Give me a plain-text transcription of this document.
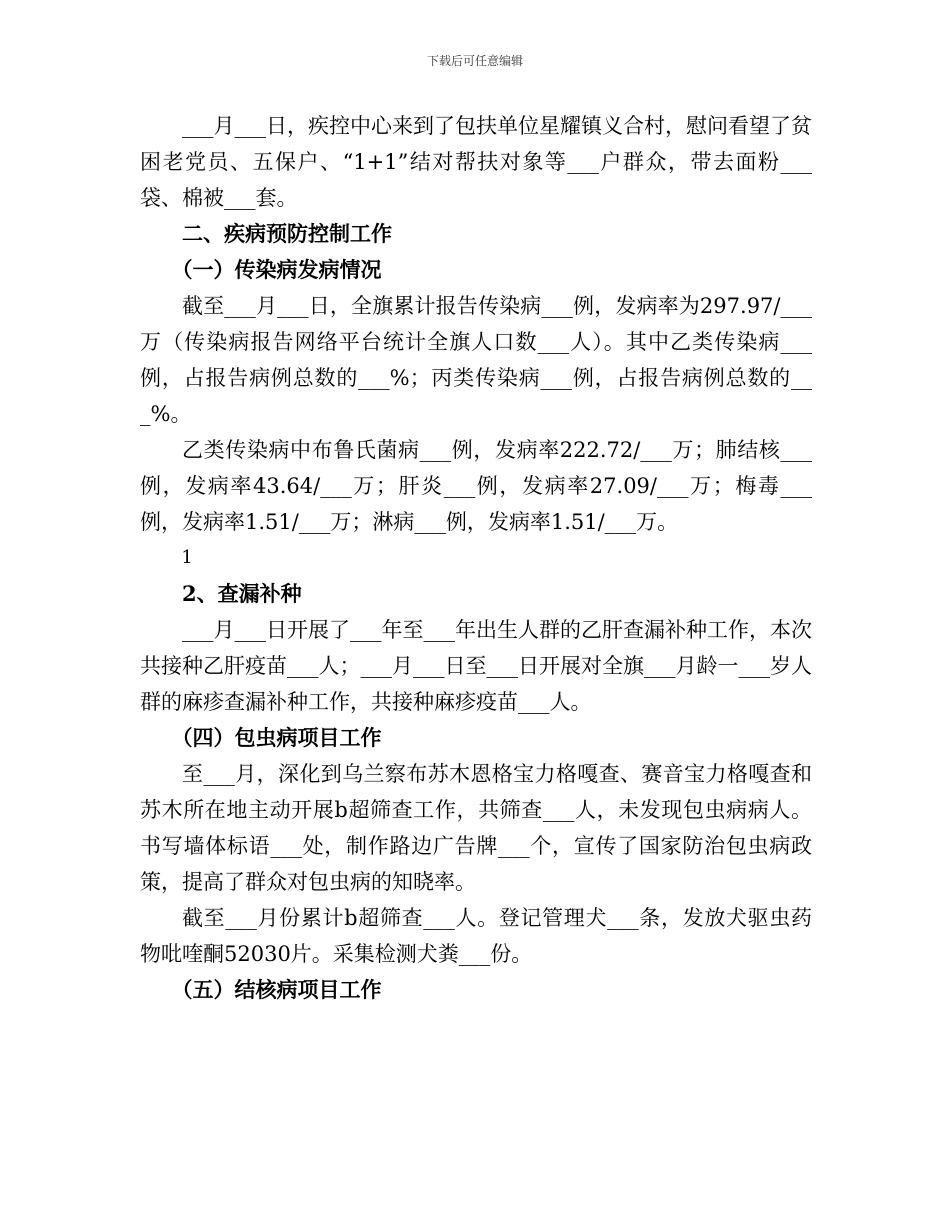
下载后可任意编辑

___月___日，疾控中心来到了包扶单位星耀镇义合村，慰问看望了贫困老党员、五保户、“1+1”结对帮扶对象等___户群众，带去面粉___袋、棉被___套。

二、疾病预防控制工作

（一）传染病发病情况

截至___月___日，全旗累计报告传染病___例，发病率为297.97/___万（传染病报告网络平台统计全旗人口数___人）。其中乙类传染病___例，占报告病例总数的___%；丙类传染病___例，占报告病例总数的___%。

乙类传染病中布鲁氏菌病___例，发病率222.72/___万；肺结核___例，发病率43.64/___万；肝炎___例，发病率27.09/___万；梅毒___例，发病率1.51/___万；淋病___例，发病率1.51/___万。

1

2、查漏补种

___月___日开展了___年至___年出生人群的乙肝查漏补种工作，本次共接种乙肝疫苗___人；___月___日至___日开展对全旗___月龄一___岁人群的麻疹查漏补种工作，共接种麻疹疫苗___人。

（四）包虫病项目工作

至___月，深化到乌兰察布苏木恩格宝力格嘎查、赛音宝力格嘎查和苏木所在地主动开展b超筛查工作，共筛查___人，未发现包虫病病人。书写墙体标语___处，制作路边广告牌___个，宣传了国家防治包虫病政策，提高了群众对包虫病的知晓率。

截至___月份累计b超筛查___人。登记管理犬___条，发放犬驱虫药物吡喹酮52030片。采集检测犬粪___份。

（五）结核病项目工作
